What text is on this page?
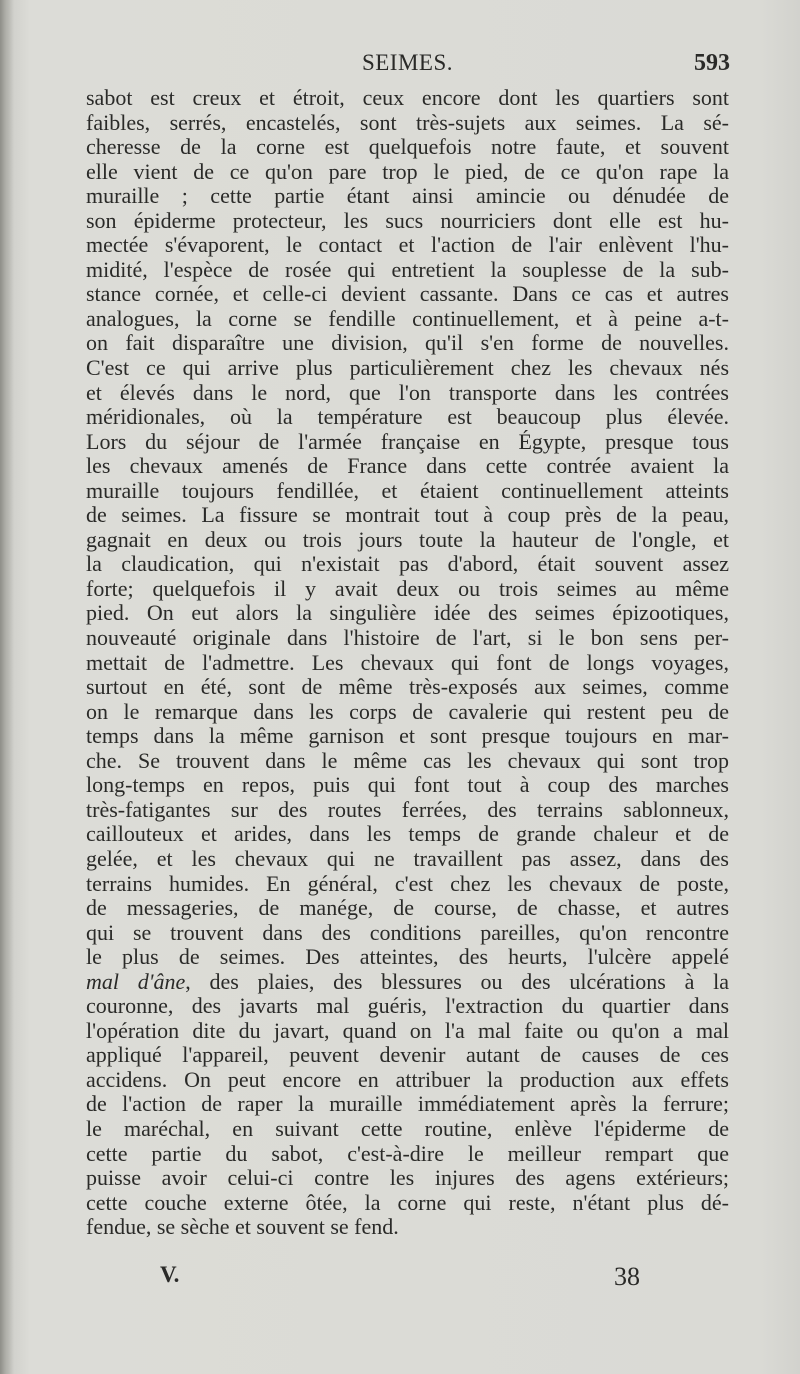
SEIMES.	593
sabot est creux et étroit, ceux encore dont les quartiers sont
faibles, serrés, encastelés, sont très-sujets aux seimes. La sé-
cheresse de la corne est quelquefois notre faute, et souvent
elle vient de ce qu'on pare trop le pied, de ce qu'on rape la
muraille ; cette partie étant ainsi amincie ou dénudée de
son épiderme protecteur, les sucs nourriciers dont elle est hu-
mectée s'évaporent, le contact et l'action de l'air enlèvent l'hu-
midité, l'espèce de rosée qui entretient la souplesse de la sub-
stance cornée, et celle-ci devient cassante. Dans ce cas et autres
analogues, la corne se fendille continuellement, et à peine a-t-
on fait disparaître une division, qu'il s'en forme de nouvelles.
C'est ce qui arrive plus particulièrement chez les chevaux nés
et élevés dans le nord, que l'on transporte dans les contrées
méridionales, où la température est beaucoup plus élevée.
Lors du séjour de l'armée française en Égypte, presque tous
les chevaux amenés de France dans cette contrée avaient la
muraille toujours fendillée, et étaient continuellement atteints
de seimes. La fissure se montrait tout à coup près de la peau,
gagnait en deux ou trois jours toute la hauteur de l'ongle, et
la claudication, qui n'existait pas d'abord, était souvent assez
forte; quelquefois il y avait deux ou trois seimes au même
pied. On eut alors la singulière idée des seimes épizootiques,
nouveauté originale dans l'histoire de l'art, si le bon sens per-
mettait de l'admettre. Les chevaux qui font de longs voyages,
surtout en été, sont de même très-exposés aux seimes, comme
on le remarque dans les corps de cavalerie qui restent peu de
temps dans la même garnison et sont presque toujours en mar-
che. Se trouvent dans le même cas les chevaux qui sont trop
long-temps en repos, puis qui font tout à coup des marches
très-fatigantes sur des routes ferrées, des terrains sablonneux,
caillouteux et arides, dans les temps de grande chaleur et de
gelée, et les chevaux qui ne travaillent pas assez, dans des
terrains humides. En général, c'est chez les chevaux de poste,
de messageries, de manége, de course, de chasse, et autres
qui se trouvent dans des conditions pareilles, qu'on rencontre
le plus de seimes. Des atteintes, des heurts, l'ulcère appelé
mal d'âne, des plaies, des blessures ou des ulcérations à la
couronne, des javarts mal guéris, l'extraction du quartier dans
l'opération dite du javart, quand on l'a mal faite ou qu'on a mal
appliqué l'appareil, peuvent devenir autant de causes de ces
accidens. On peut encore en attribuer la production aux effets
de l'action de raper la muraille immédiatement après la ferrure;
le maréchal, en suivant cette routine, enlève l'épiderme de
cette partie du sabot, c'est-à-dire le meilleur rempart que
puisse avoir celui-ci contre les injures des agens extérieurs;
cette couche externe ôtée, la corne qui reste, n'étant plus dé-
fendue, se sèche et souvent se fend.
V.	38
